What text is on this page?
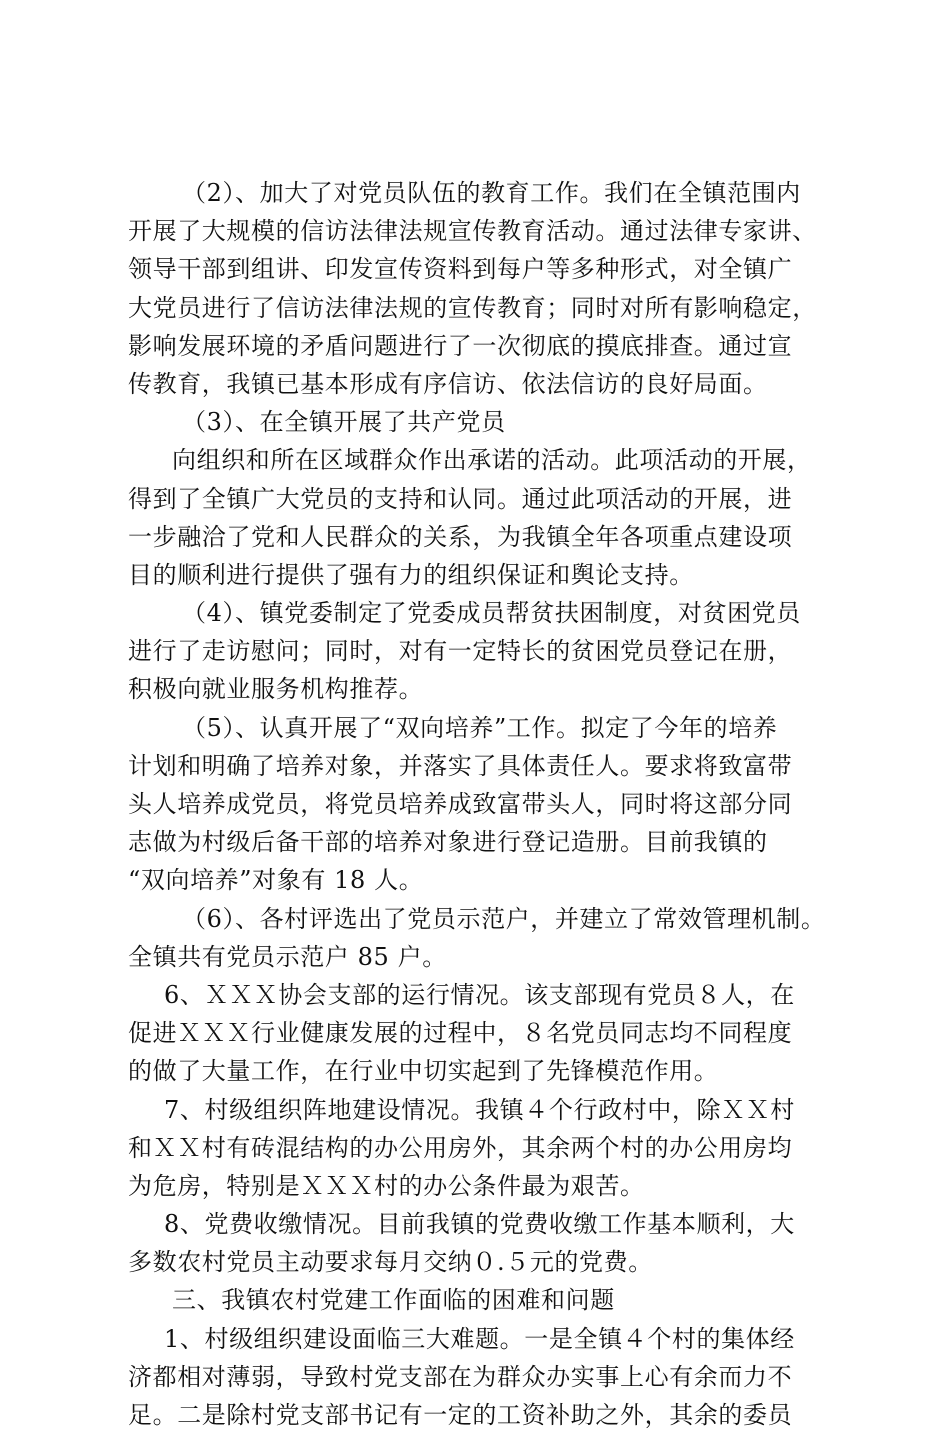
（2）、加大了对党员队伍的教育工作。我们在全镇范围内
开展了大规模的信访法律法规宣传教育活动。通过法律专家讲、
领导干部到组讲、印发宣传资料到每户等多种形式，对全镇广
大党员进行了信访法律法规的宣传教育；同时对所有影响稳定，
影响发展环境的矛盾问题进行了一次彻底的摸底排查。通过宣
传教育，我镇已基本形成有序信访、依法信访的良好局面。
（3）、在全镇开展了共产党员
向组织和所在区域群众作出承诺的活动。此项活动的开展，
得到了全镇广大党员的支持和认同。通过此项活动的开展，进
一步融洽了党和人民群众的关系，为我镇全年各项重点建设项
目的顺利进行提供了强有力的组织保证和舆论支持。
（4）、镇党委制定了党委成员帮贫扶困制度，对贫困党员
进行了走访慰问；同时，对有一定特长的贫困党员登记在册，
积极向就业服务机构推荐。
（5）、认真开展了“双向培养”工作。拟定了今年的培养
计划和明确了培养对象，并落实了具体责任人。要求将致富带
头人培养成党员，将党员培养成致富带头人，同时将这部分同
志做为村级后备干部的培养对象进行登记造册。目前我镇的
“双向培养”对象有 18 人。
（6）、各村评选出了党员示范户，并建立了常效管理机制。
全镇共有党员示范户 85 户。
6、ＸＸＸ协会支部的运行情况。该支部现有党员８人，在
促进ＸＸＸ行业健康发展的过程中，８名党员同志均不同程度
的做了大量工作，在行业中切实起到了先锋模范作用。
7、村级组织阵地建设情况。我镇４个行政村中，除ＸＸ村
和ＸＸ村有砖混结构的办公用房外，其余两个村的办公用房均
为危房，特别是ＸＸＸ村的办公条件最为艰苦。
8、党费收缴情况。目前我镇的党费收缴工作基本顺利，大
多数农村党员主动要求每月交纳０.５元的党费。
三、我镇农村党建工作面临的困难和问题
1、村级组织建设面临三大难题。一是全镇４个村的集体经
济都相对薄弱，导致村党支部在为群众办实事上心有余而力不
足。二是除村党支部书记有一定的工资补助之外，其余的委员
